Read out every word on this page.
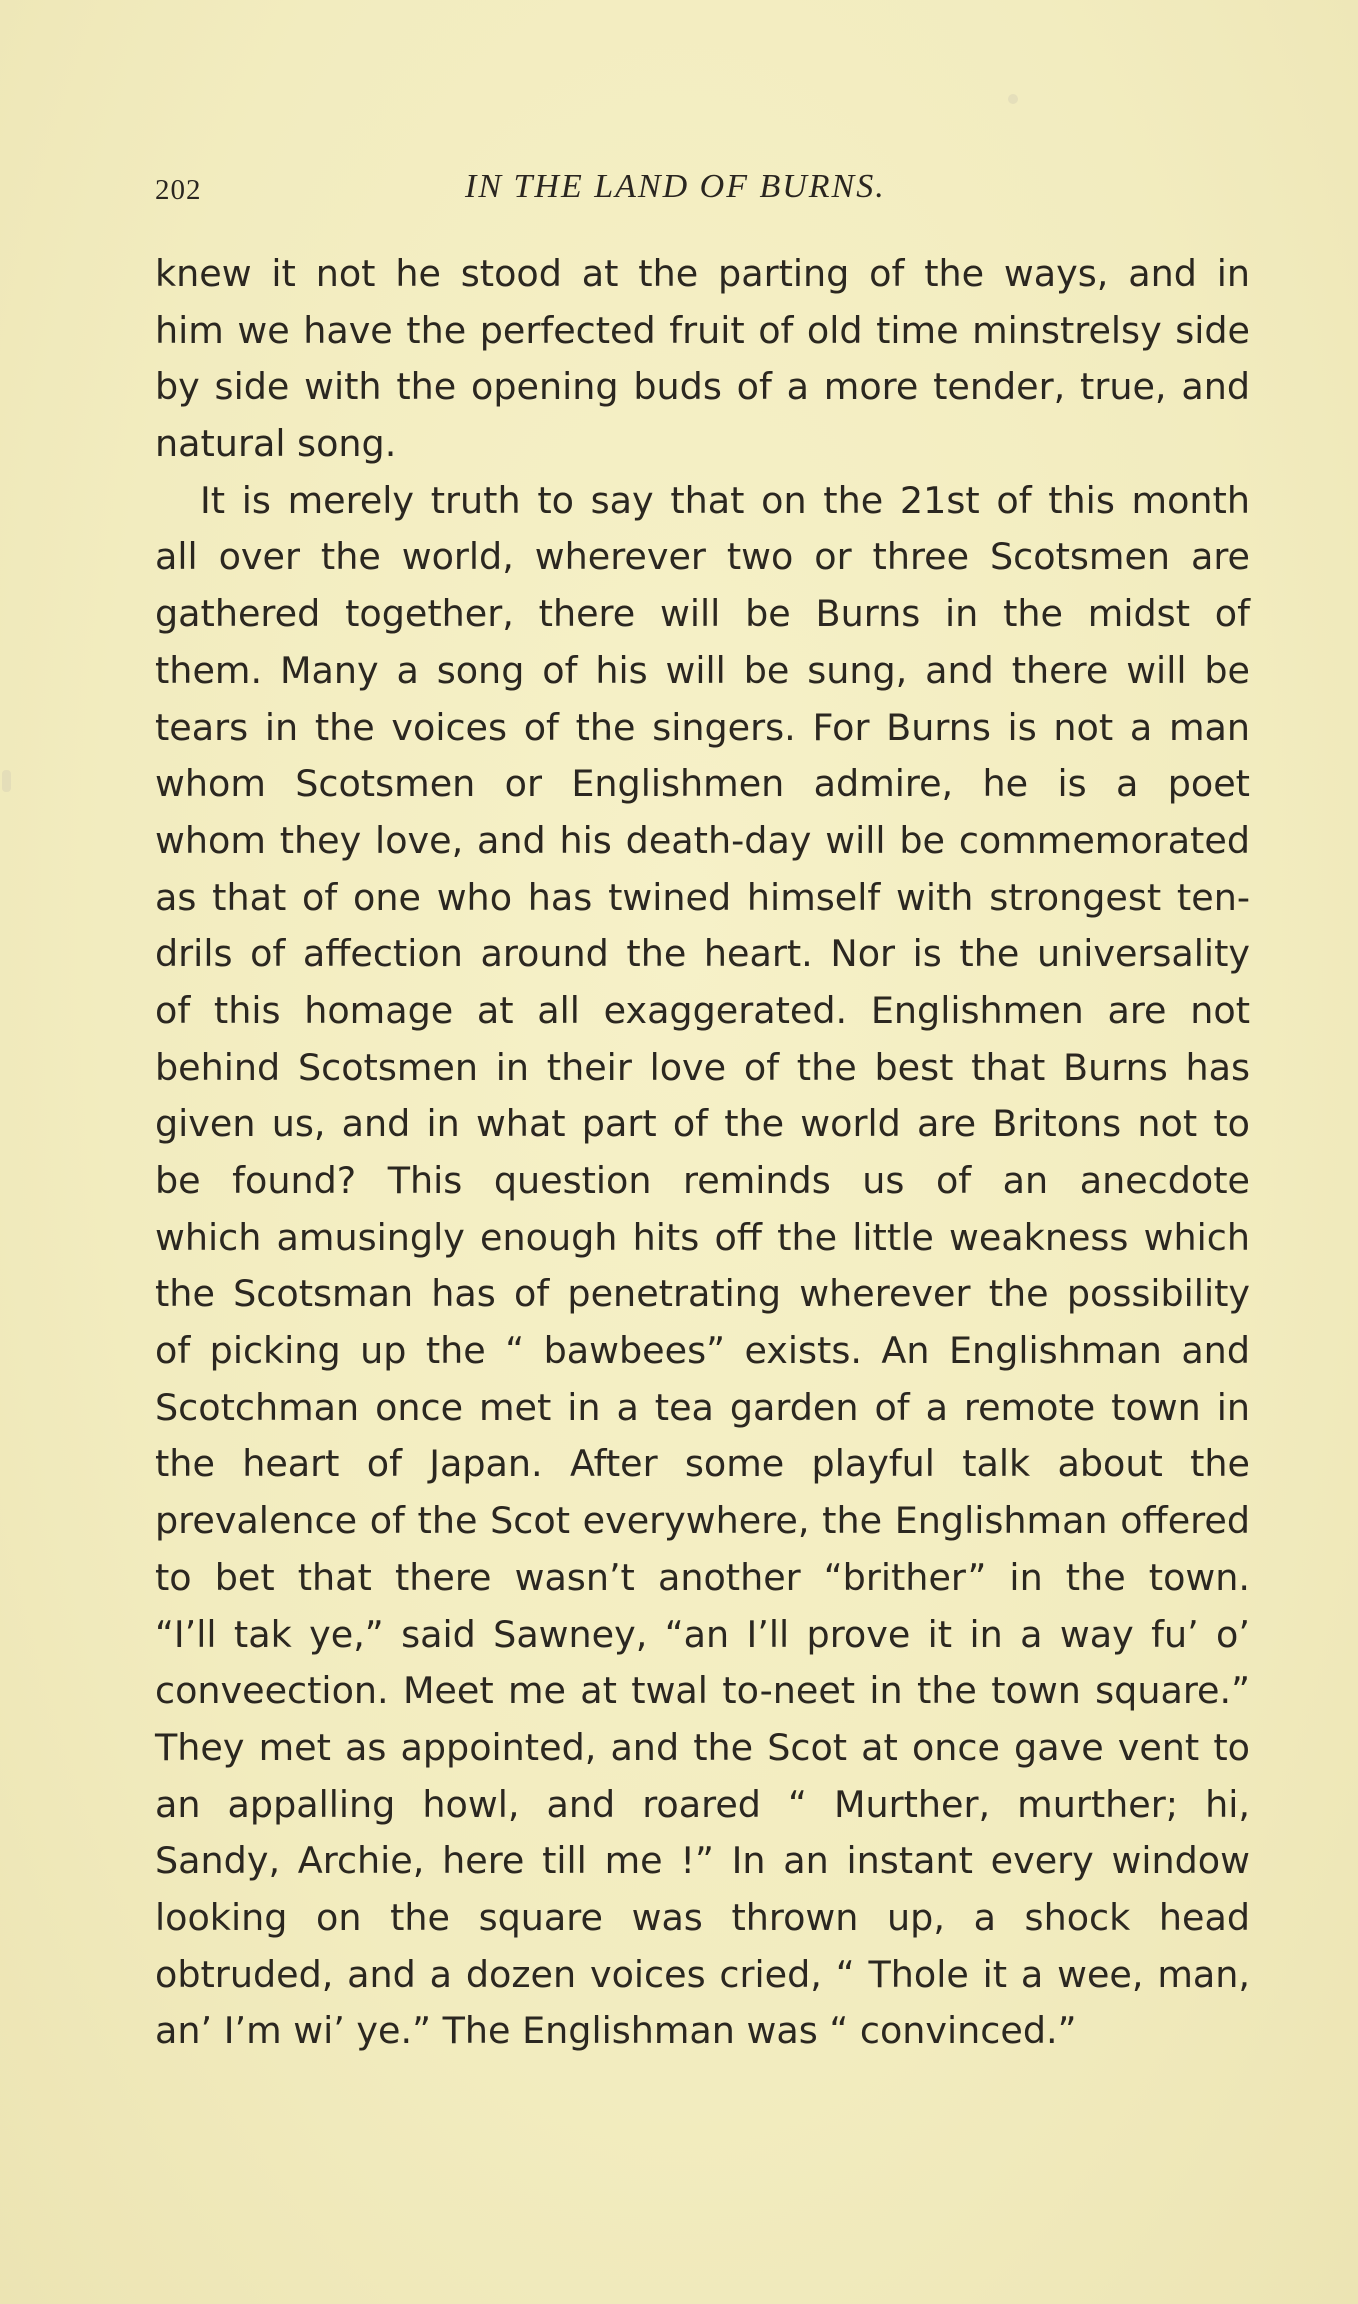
202	IN THE LAND OF BURNS.
knew it not he stood at the parting of the ways, and in
him we have the perfected fruit of old time minstrelsy side
by side with the opening buds of a more tender, true, and
natural song.
It is merely truth to say that on the 21st of this month
all over the world, wherever two or three Scotsmen are
gathered together, there will be Burns in the midst of
them. Many a song of his will be sung, and there will be
tears in the voices of the singers. For Burns is not a man
whom Scotsmen or Englishmen admire, he is a poet
whom they love, and his death-day will be commemorated
as that of one who has twined himself with strongest ten-
drils of affection around the heart. Nor is the universality
of this homage at all exaggerated. Englishmen are not
behind Scotsmen in their love of the best that Burns has
given us, and in what part of the world are Britons not to
be found? This question reminds us of an anecdote
which amusingly enough hits off the little weakness which
the Scotsman has of penetrating wherever the possibility
of picking up the “ bawbees” exists. An Englishman and
Scotchman once met in a tea garden of a remote town in
the heart of Japan. After some playful talk about the
prevalence of the Scot everywhere, the Englishman offered
to bet that there wasn’t another “brither” in the town.
“I’ll tak ye,” said Sawney, “an I’ll prove it in a way fu’ o’
conveection. Meet me at twal to-neet in the town square.”
They met as appointed, and the Scot at once gave vent to
an appalling howl, and roared “ Murther, murther; hi,
Sandy, Archie, here till me !” In an instant every window
looking on the square was thrown up, a shock head
obtruded, and a dozen voices cried, “ Thole it a wee, man,
an’ I’m wi’ ye.” The Englishman was “ convinced.”
